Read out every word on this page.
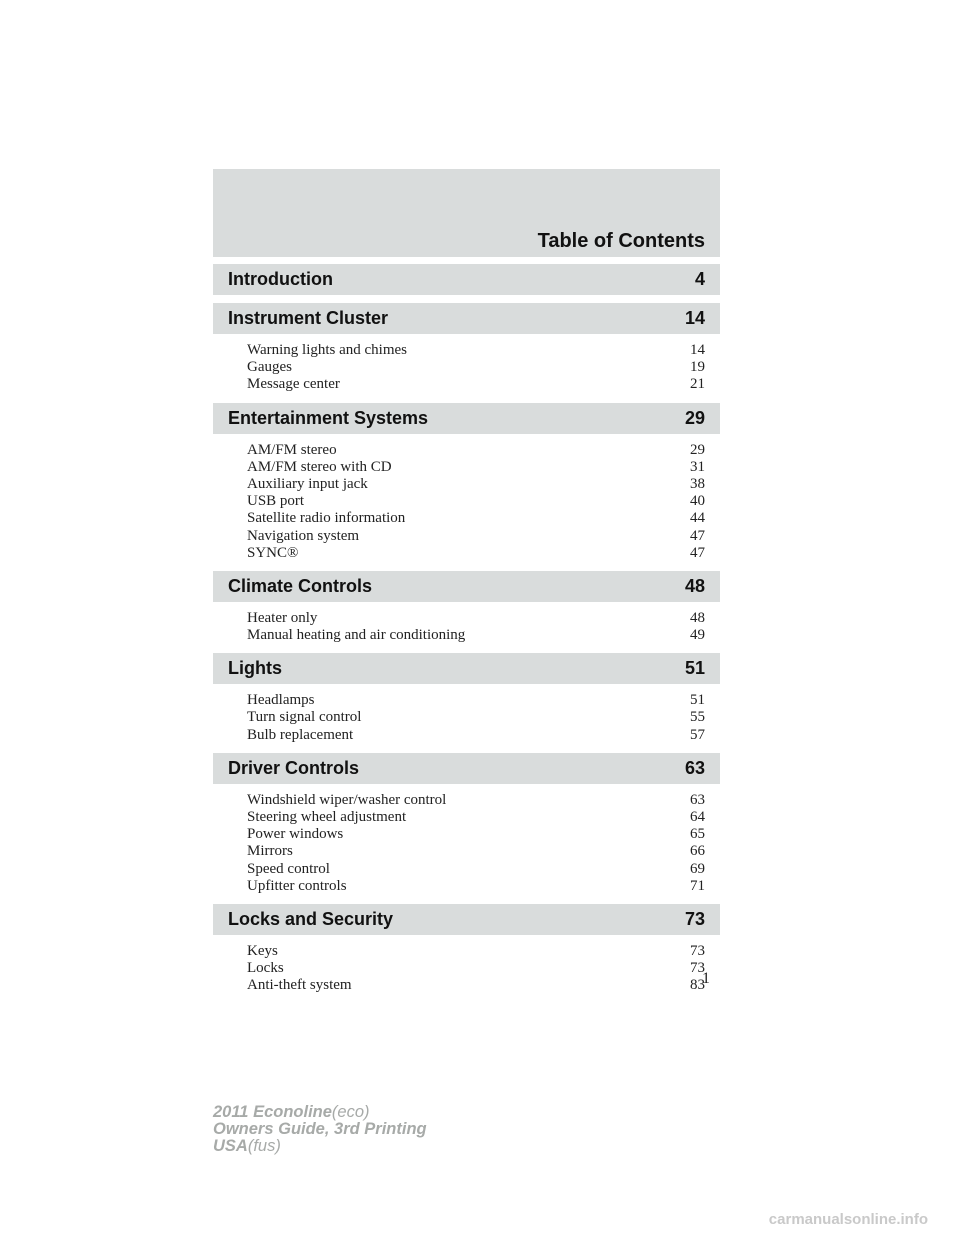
Table of Contents
Introduction	4
Instrument Cluster	14
Warning lights and chimes	14
Gauges	19
Message center	21
Entertainment Systems	29
AM/FM stereo	29
AM/FM stereo with CD	31
Auxiliary input jack	38
USB port	40
Satellite radio information	44
Navigation system	47
SYNC®	47
Climate Controls	48
Heater only	48
Manual heating and air conditioning	49
Lights	51
Headlamps	51
Turn signal control	55
Bulb replacement	57
Driver Controls	63
Windshield wiper/washer control	63
Steering wheel adjustment	64
Power windows	65
Mirrors	66
Speed control	69
Upfitter controls	71
Locks and Security	73
Keys	73
Locks	73
Anti-theft system	83
1
2011 Econoline(eco)
Owners Guide, 3rd Printing
USA(fus)
carmanualsonline.info
